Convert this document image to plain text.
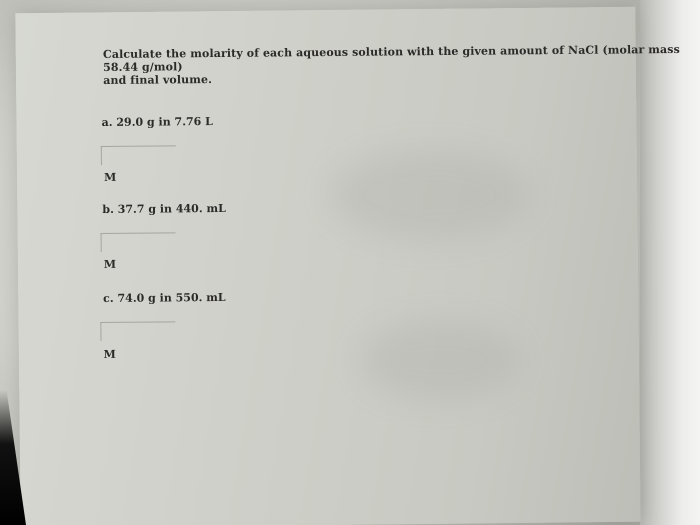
Calculate the molarity of each aqueous solution with the given amount of NaCl (molar mass
58.44 g/mol)
and final volume.
a. 29.0 g in 7.76 L
M
b. 37.7 g in 440. mL
M
c. 74.0 g in 550. mL
M
